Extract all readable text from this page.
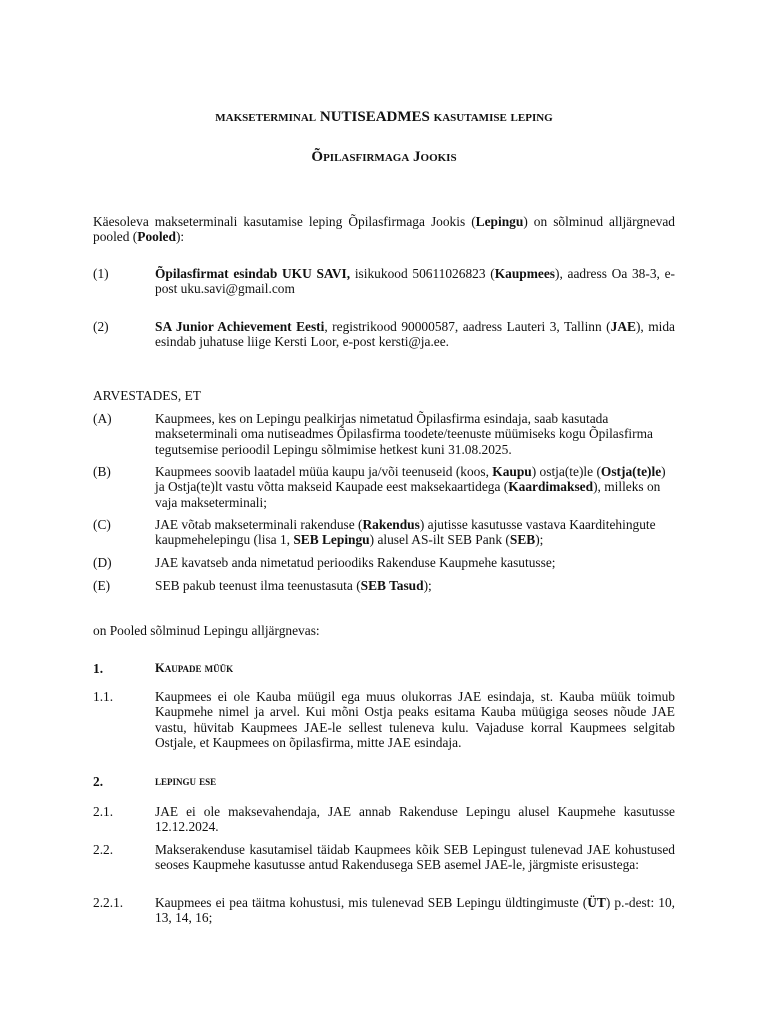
makseterminal NUTISEADMES kasutamise leping
Õpilasfirmaga Jookis
Käesoleva makseterminali kasutamise leping Õpilasfirmaga Jookis (Lepingu) on sõlminud alljärgnevad pooled (Pooled):
(1)	Õpilasfirmat esindab UKU SAVI, isikukood 50611026823 (Kaupmees), aadress Oa 38-3, e-post uku.savi@gmail.com
(2)	SA Junior Achievement Eesti, registrikood 90000587, aadress Lauteri 3, Tallinn (JAE), mida esindab juhatuse liige Kersti Loor, e-post kersti@ja.ee.
ARVESTADES, ET
(A)	Kaupmees, kes on Lepingu pealkirjas nimetatud Õpilasfirma esindaja, saab kasutada makseterminali oma nutiseadmes Õpilasfirma toodete/teenuste müümiseks kogu Õpilasfirma tegutsemise perioodil Lepingu sõlmimise hetkest kuni 31.08.2025.
(B)	Kaupmees soovib laatadel müüa kaupu ja/või teenuseid (koos, Kaupu) ostja(te)le (Ostja(te)le) ja Ostja(te)lt vastu võtta makseid Kaupade eest maksekaartidega (Kaardimaksed), milleks on vaja makseterminali;
(C)	JAE võtab makseterminali rakenduse (Rakendus) ajutisse kasutusse vastava Kaarditehingute kaupmehelepingu (lisa 1, SEB Lepingu) alusel AS-ilt SEB Pank (SEB);
(D)	JAE kavatseb anda nimetatud perioodiks Rakenduse Kaupmehe kasutusse;
(E)	SEB pakub teenust ilma teenustasuta (SEB Tasud);
on Pooled sõlminud Lepingu alljärgnevas:
1.	Kaupade müük
1.1.	Kaupmees ei ole Kauba müügil ega muus olukorras JAE esindaja, st. Kauba müük toimub Kaupmehe nimel ja arvel. Kui mõni Ostja peaks esitama Kauba müügiga seoses nõude JAE vastu, hüvitab Kaupmees JAE-le sellest tuleneva kulu. Vajaduse korral Kaupmees selgitab Ostjale, et Kaupmees on õpilasfirma, mitte JAE esindaja.
2.	lepingu ese
2.1.	JAE ei ole maksevahendaja, JAE annab Rakenduse Lepingu alusel Kaupmehe kasutusse 12.12.2024.
2.2.	Makserakenduse kasutamisel täidab Kaupmees kõik SEB Lepingust tulenevad JAE kohustused seoses Kaupmehe kasutusse antud Rakendusega SEB asemel JAE-le, järgmiste erisustega:
2.2.1. Kaupmees ei pea täitma kohustusi, mis tulenevad SEB Lepingu üldtingimuste (ÜT) p.-dest: 10, 13, 14, 16;
